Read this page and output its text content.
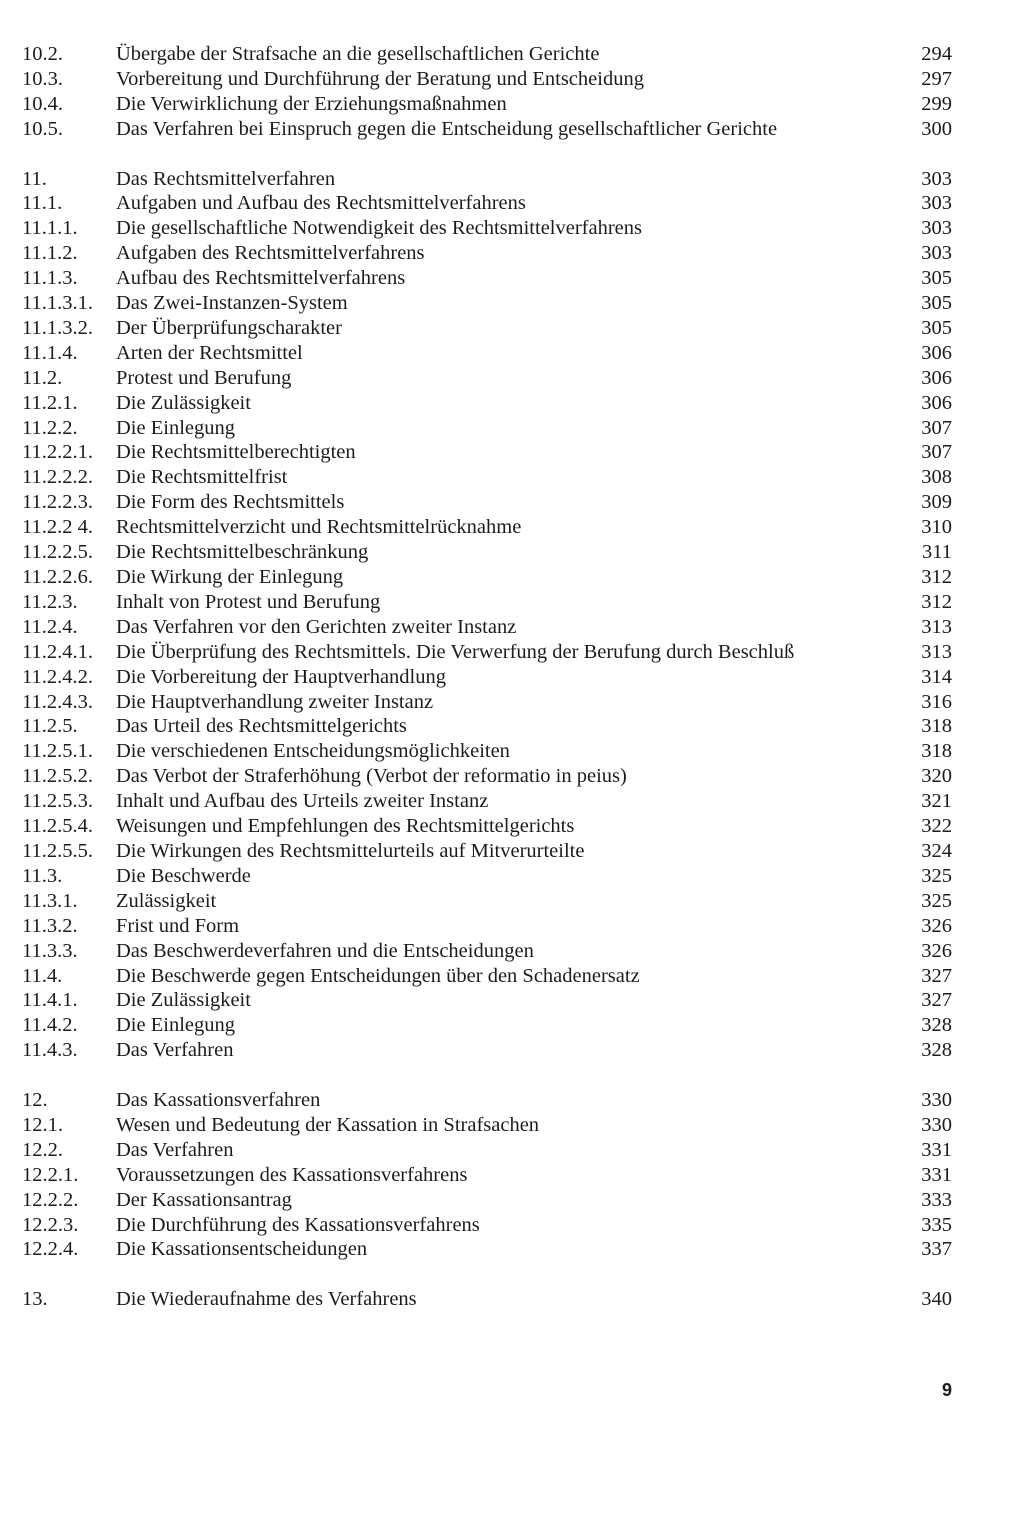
10.2.	Übergabe der Strafsache an die gesellschaftlichen Gerichte	294
10.3.	Vorbereitung und Durchführung der Beratung und Entscheidung	297
10.4.	Die Verwirklichung der Erziehungsmaßnahmen	299
10.5.	Das Verfahren bei Einspruch gegen die Entscheidung gesellschaftlicher Gerichte	300
11.	Das Rechtsmittelverfahren	303
11.1.	Aufgaben und Aufbau des Rechtsmittelverfahrens	303
11.1.1. Die gesellschaftliche Notwendigkeit des Rechtsmittelverfahrens	303
11.1.2. Aufgaben des Rechtsmittelverfahrens	303
11.1.3. Aufbau des Rechtsmittelverfahrens	305
11.1.3.1. Das Zwei-Instanzen-System	305
11.1.3.2. Der Überprüfungscharakter	305
11.1.4. Arten der Rechtsmittel	306
11.2.	Protest und Berufung	306
11.2.1. Die Zulässigkeit	306
11.2.2. Die Einlegung	307
11.2.2.1. Die Rechtsmittelberechtigten	307
11.2.2.2. Die Rechtsmittelfrist	308
11.2.2.3. Die Form des Rechtsmittels	309
11.2.2 4. Rechtsmittelverzicht und Rechtsmittelrücknahme	310
11.2.2.5. Die Rechtsmittelbeschränkung	311
11.2.2.6. Die Wirkung der Einlegung	312
11.2.3. Inhalt von Protest und Berufung	312
11.2.4. Das Verfahren vor den Gerichten zweiter Instanz	313
11.2.4.1. Die Überprüfung des Rechtsmittels. Die Verwerfung der Berufung durch Beschluß	313
11.2.4.2. Die Vorbereitung der Hauptverhandlung	314
11.2.4.3. Die Hauptverhandlung zweiter Instanz	316
11.2.5. Das Urteil des Rechtsmittelgerichts	318
11.2.5.1. Die verschiedenen Entscheidungsmöglichkeiten	318
11.2.5.2. Das Verbot der Straferhöhung (Verbot der reformatio in peius)	320
11.2.5.3. Inhalt und Aufbau des Urteils zweiter Instanz	321
11.2.5.4. Weisungen und Empfehlungen des Rechtsmittelgerichts	322
11.2.5.5. Die Wirkungen des Rechtsmittelurteils auf Mitverurteilte	324
11.3.	Die Beschwerde	325
11.3.1. Zulässigkeit	325
11.3.2. Frist und Form	326
11.3.3. Das Beschwerdeverfahren und die Entscheidungen	326
11.4.	Die Beschwerde gegen Entscheidungen über den Schadenersatz	327
11.4.1. Die Zulässigkeit	327
11.4.2. Die Einlegung	328
11.4.3. Das Verfahren	328
12.	Das Kassationsverfahren	330
12.1.	Wesen und Bedeutung der Kassation in Strafsachen	330
12.2.	Das Verfahren	331
12.2.1. Voraussetzungen des Kassationsverfahrens	331
12.2.2. Der Kassationsantrag	333
12.2.3. Die Durchführung des Kassationsverfahrens	335
12.2.4. Die Kassationsentscheidungen	337
13.	Die Wiederaufnahme des Verfahrens	340
9
